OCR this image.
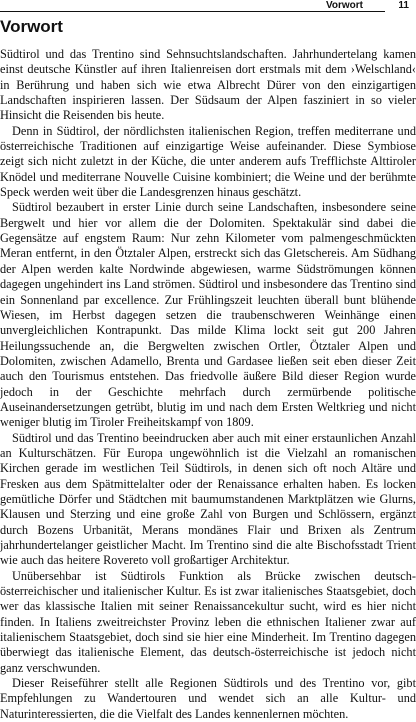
Vorwort	11
Vorwort

Südtirol und das Trentino sind Sehnsuchtslandschaften. Jahrhundertelang kamen einst deutsche Künstler auf ihren Italienreisen dort erstmals mit dem ›Welschland‹ in Berührung und haben sich wie etwa Albrecht Dürer von den einzigartigen Landschaften inspirieren lassen. Der Südsaum der Alpen fasziniert in so vieler Hinsicht die Reisenden bis heute.

Denn in Südtirol, der nördlichsten italienischen Region, treffen mediterrane und österreichische Traditionen auf einzigartige Weise aufeinander. Diese Symbiose zeigt sich nicht zuletzt in der Küche, die unter anderem aufs Trefflichste Alttiroler Knödel und mediterrane Nouvelle Cuisine kombiniert; die Weine und der berühmte Speck werden weit über die Landesgrenzen hinaus geschätzt.

Südtirol bezaubert in erster Linie durch seine Landschaften, insbesondere seine Bergwelt und hier vor allem die der Dolomiten. Spektakulär sind dabei die Gegensätze auf engstem Raum: Nur zehn Kilometer vom palmengeschmückten Meran entfernt, in den Ötztaler Alpen, erstreckt sich das Gletschereis. Am Südhang der Alpen werden kalte Nordwinde abgewiesen, warme Südströmungen können dagegen ungehindert ins Land strömen. Südtirol und insbesondere das Trentino sind ein Sonnenland par excellence. Zur Frühlingszeit leuchten überall bunt blühende Wiesen, im Herbst dagegen setzen die traubenschweren Weinhänge einen unvergleichlichen Kontrapunkt. Das milde Klima lockt seit gut 200 Jahren Heilungssuchende an, die Bergwelten zwischen Ortler, Ötztaler Alpen und Dolomiten, zwischen Adamello, Brenta und Gardasee ließen seit eben dieser Zeit auch den Tourismus entstehen. Das friedvolle äußere Bild dieser Region wurde jedoch in der Geschichte mehrfach durch zermürbende politische Auseinandersetzungen getrübt, blutig im und nach dem Ersten Weltkrieg und nicht weniger blutig im Tiroler Freiheitskampf von 1809.

Südtirol und das Trentino beeindrucken aber auch mit einer erstaunlichen Anzahl an Kulturschätzen. Für Europa ungewöhnlich ist die Vielzahl an romanischen Kirchen gerade im westlichen Teil Südtirols, in denen sich oft noch Altäre und Fresken aus dem Spätmittelalter oder der Renaissance erhalten haben. Es locken gemütliche Dörfer und Städtchen mit baumumstandenen Marktplätzen wie Glurns, Klausen und Sterzing und eine große Zahl von Burgen und Schlössern, ergänzt durch Bozens Urbanität, Merans mondänes Flair und Brixen als Zentrum jahrhundertelanger geistlicher Macht. Im Trentino sind die alte Bischofsstadt Trient wie auch das heitere Rovereto voll großartiger Architektur.

Unübersehbar ist Südtirols Funktion als Brücke zwischen deutsch-österreichischer und italienischer Kultur. Es ist zwar italienisches Staatsgebiet, doch wer das klassische Italien mit seiner Renaissancekultur sucht, wird es hier nicht finden. In Italiens zweitreichster Provinz leben die ethnischen Italiener zwar auf italienischem Staatsgebiet, doch sind sie hier eine Minderheit. Im Trentino dagegen überwiegt das italienische Element, das deutsch-österreichische ist jedoch nicht ganz verschwunden.

Dieser Reiseführer stellt alle Regionen Südtirols und des Trentino vor, gibt Empfehlungen zu Wandertouren und wendet sich an alle Kultur- und Naturinteressierten, die die Vielfalt des Landes kennenlernen möchten.
